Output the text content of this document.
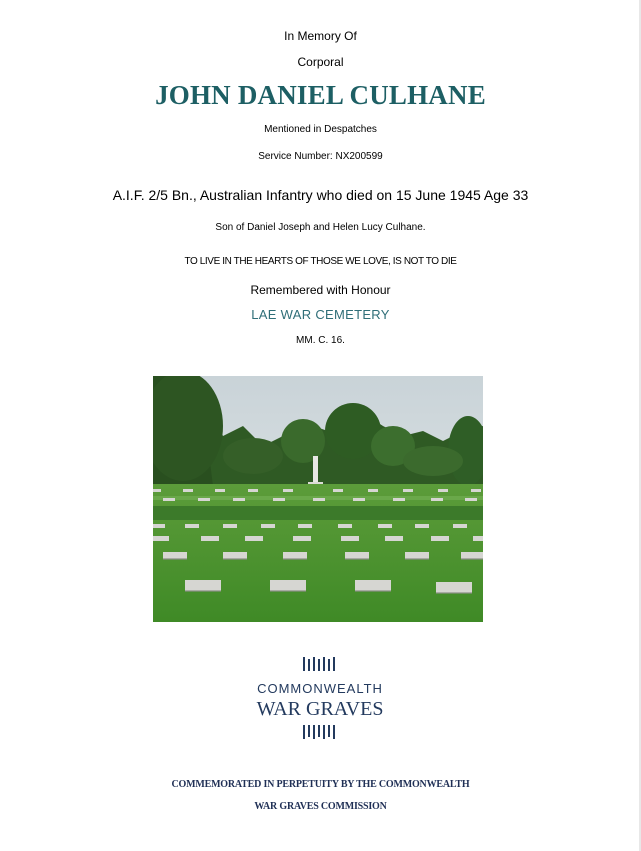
In Memory Of
Corporal
JOHN DANIEL CULHANE
Mentioned in Despatches
Service Number: NX200599
A.I.F. 2/5 Bn., Australian Infantry who died on 15 June 1945 Age 33
Son of Daniel Joseph and Helen Lucy Culhane.
TO LIVE IN THE HEARTS OF THOSE WE LOVE, IS NOT TO DIE
Remembered with Honour
LAE WAR CEMETERY
MM. C. 16.
COMMONWEALTH
WAR GRAVES
COMMEMORATED IN PERPETUITY BY THE COMMONWEALTH
WAR GRAVES COMMISSION
